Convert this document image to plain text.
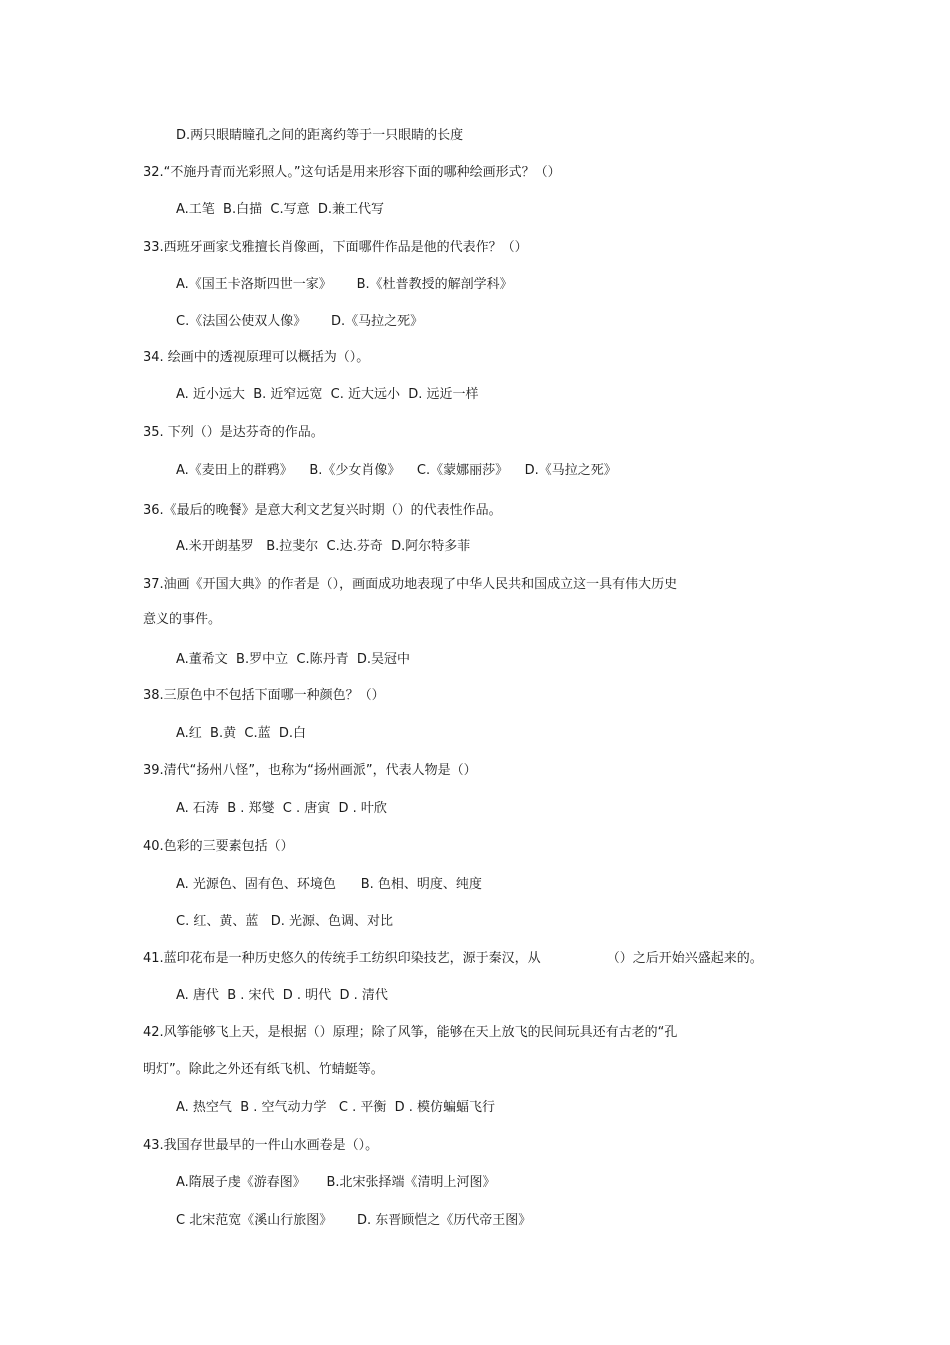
D.两只眼睛瞳孔之间的距离约等于一只眼睛的长度
32.“不施丹青而光彩照人。”这句话是用来形容下面的哪种绘画形式？（）
A.工笔  B.白描  C.写意  D.兼工代写
33.西班牙画家戈雅擅长肖像画，下面哪件作品是他的代表作？（）
A.《国王卡洛斯四世一家》      B.《杜普教授的解剖学科》
C.《法国公使双人像》      D.《马拉之死》
34. 绘画中的透视原理可以概括为（）。
A. 近小远大  B. 近窄远宽  C. 近大远小  D. 远近一样
35. 下列（）是达芬奇的作品。
A.《麦田上的群鸦》    B.《少女肖像》    C.《蒙娜丽莎》    D.《马拉之死》
36.《最后的晚餐》是意大利文艺复兴时期（）的代表性作品。
A.米开朗基罗   B.拉斐尔  C.达.芬奇  D.阿尔特多菲
37.油画《开国大典》的作者是（），画面成功地表现了中华人民共和国成立这一具有伟大历史
意义的事件。
A.董希文  B.罗中立  C.陈丹青  D.吴冠中
38.三原色中不包括下面哪一种颜色？（）
A.红  B.黄  C.蓝  D.白
39.清代“扬州八怪”，也称为“扬州画派”，代表人物是（）
A. 石涛  B . 郑燮  C . 唐寅  D . 叶欣
40.色彩的三要素包括（）
A. 光源色、固有色、环境色      B. 色相、明度、纯度
C. 红、黄、蓝   D. 光源、色调、对比
41.蓝印花布是一种历史悠久的传统手工纺织印染技艺，源于秦汉，从                （）之后开始兴盛起来的。
A. 唐代  B . 宋代  D . 明代  D . 清代
42.风筝能够飞上天，是根据（）原理；除了风筝，能够在天上放飞的民间玩具还有古老的“孔
明灯”。除此之外还有纸飞机、竹蜻蜓等。
A. 热空气  B . 空气动力学   C . 平衡  D . 模仿蝙蝠飞行
43.我国存世最早的一件山水画卷是（）。
A.隋展子虔《游春图》     B.北宋张择端《清明上河图》
C 北宋范宽《溪山行旅图》      D. 东晋顾恺之《历代帝王图》
